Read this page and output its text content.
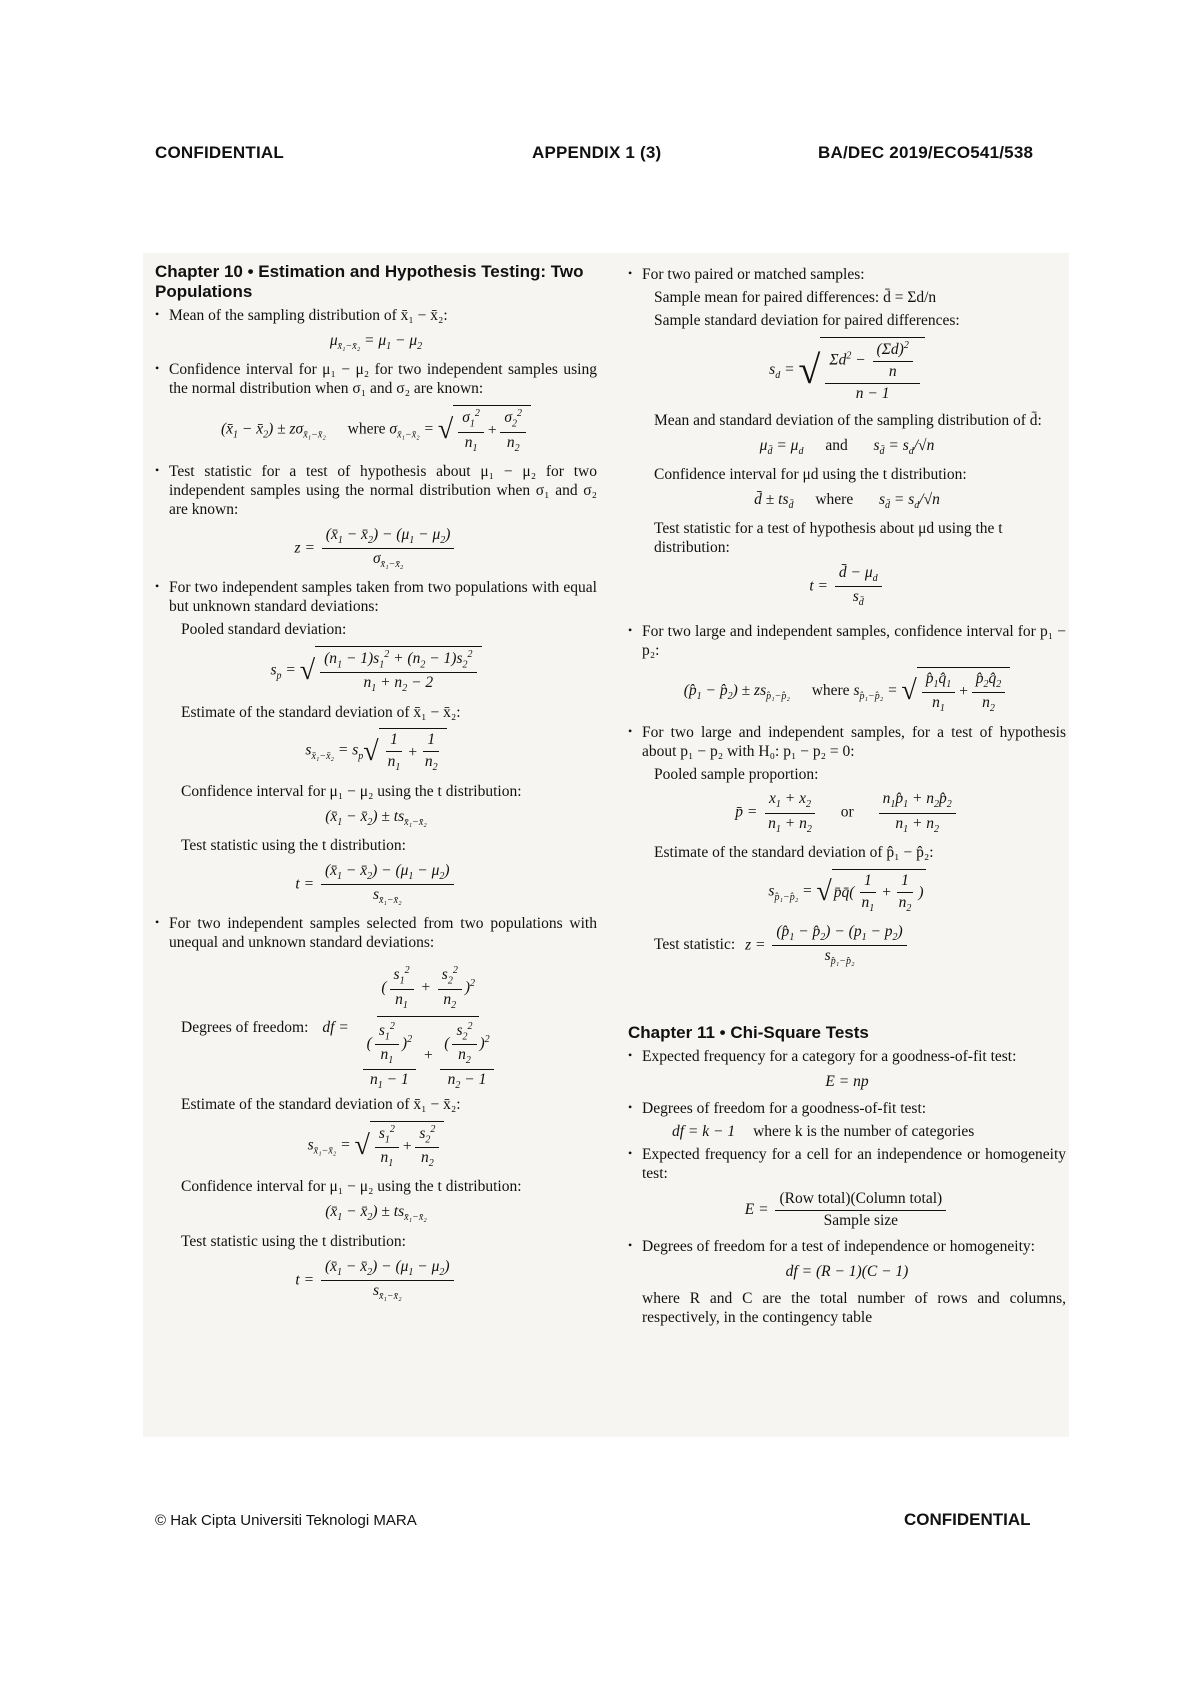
CONFIDENTIAL	APPENDIX 1 (3)	BA/DEC 2019/ECO541/538
Chapter 10 • Estimation and Hypothesis Testing: Two Populations
• Mean of the sampling distribution of x̄₁ − x̄₂:
$\mu_{x̄_1-x̄_2} = \mu_1 - \mu_2$
• Confidence interval for μ₁ − μ₂ for two independent samples using the normal distribution when σ₁ and σ₂ are known:
($x̄_1$ − $x̄_2) \pm z\sigma_{x̄_1-x̄_2}$ where $\sigma_{x̄_1-x̄_2}$ = √ $\frac{\sigma_1^2}{n_1} + \frac{\sigma_2^2}{n_2}$
• Test statistic for a test of hypothesis about μ₁ − μ₂ for two independent samples using the normal distribution when σ₁ and σ₂ are known:
$z = \frac{(x̄_1 - x̄_2) - (\mu_1 - \mu_2)}{\sigma_{x̄_1-x̄_2}}$
• For two independent samples taken from two populations with equal but unknown standard deviations:
Pooled standard deviation:
$s_p$ = √ $\frac{(n_1 - 1)s_1^2 + (n_2 - 1)s_2^2}{n_1 + n_2 - 2}$
Estimate of the standard deviation of x̄₁ − x̄₂:
$s_{x̄_1-x̄_2} = s_p$ √ $\frac{1}{n_1} + \frac{1}{n_2}$
Confidence interval for μ₁ − μ₂ using the t distribution:
($x̄_1$ − $x̄_2) \pm ts_{x̄_1-x̄_2}$
Test statistic using the t distribution:
$t = \frac{(x̄_1 - x̄_2) - (\mu_1 - \mu_2)}{s_{x̄_1-x̄_2}}$
• For two independent samples selected from two populations with unequal and unknown standard deviations:
Degrees of freedom: df = $\frac{( \frac{s_1^2}{n_1} + \frac{s_2^2}{n_2} )^2}{\frac{( \frac{s_1^2}{n_1} )^2}{n_1 - 1} + \frac{( \frac{s_2^2}{n_2} )^2}{n_2 - 1}}$
Estimate of the standard deviation of x̄₁ − x̄₂:
$s_{x̄_1-x̄_2}$ = √ $\frac{s_1^2}{n_1} + \frac{s_2^2}{n_2}$
Confidence interval for μ₁ − μ₂ using the t distribution:
($x̄_1$ − $x̄_2) \pm ts_{x̄_1-x̄_2}$
Test statistic using the t distribution:
$t = \frac{(x̄_1 - x̄_2) - (\mu_1 - \mu_2)}{s_{x̄_1-x̄_2}}$
• For two paired or matched samples:
Sample mean for paired differences: d̄ = Σd/n
Sample standard deviation for paired differences:
$s_d$ = √ $\frac{\Sigma d^2 - \frac{(\Sigma d)^2}{n}}{n - 1}$
Mean and standard deviation of the sampling distribution of d̄:
$\mu_{d̄} = \mu_d$ and  $s_{d̄} = s_d/√n$
Confidence interval for μd using the t distribution:
d̄ ± $ts_{d̄}$ where  $s_{d̄} = s_d/√n$
Test statistic for a test of hypothesis about μd using the t distribution:
$t = \frac{d̄ - \mu_d}{s_{d̄}}$
• For two large and independent samples, confidence interval for p₁ − p₂:
($p̂_1$ − $p̂_2) \pm zs_{p̂_1-p̂_2}$ where $s_{p̂_1-p̂_2}$ = √ $\frac{p̂_1q̂_1}{n_1} + \frac{p̂_2q̂_2}{n_2}$
• For two large and independent samples, for a test of hypothesis about p₁ − p₂ with H₀: p₁ − p₂ = 0:
Pooled sample proportion:
p̄ = $\frac{x_1 + x_2}{n_1 + n_2}$ or $\frac{n_1p̂_1 + n_2p̂_2}{n_1 + n_2}$
Estimate of the standard deviation of p̂₁ − p̂₂:
$s_{p̂_1-p̂_2}$ = √ p̄q̄( $\frac{1}{n_1} + \frac{1}{n_2}$ )
Test statistic: $z = \frac{(p̂_1 - p̂_2) - (p_1 - p_2)}{s_{p̂_1-p̂_2}}$
Chapter 11 • Chi-Square Tests
• Expected frequency for a category for a goodness-of-fit test:
E = np
• Degrees of freedom for a goodness-of-fit test:
df = k − 1 where k is the number of categories
• Expected frequency for a cell for an independence or homogeneity test:
$E = \frac{\text{(Row total)(Column total)}}{\text{Sample size}}$
• Degrees of freedom for a test of independence or homogeneity:
df = (R − 1)(C − 1)
where R and C are the total number of rows and columns, respectively, in the contingency table
© Hak Cipta Universiti Teknologi MARA	CONFIDENTIAL
